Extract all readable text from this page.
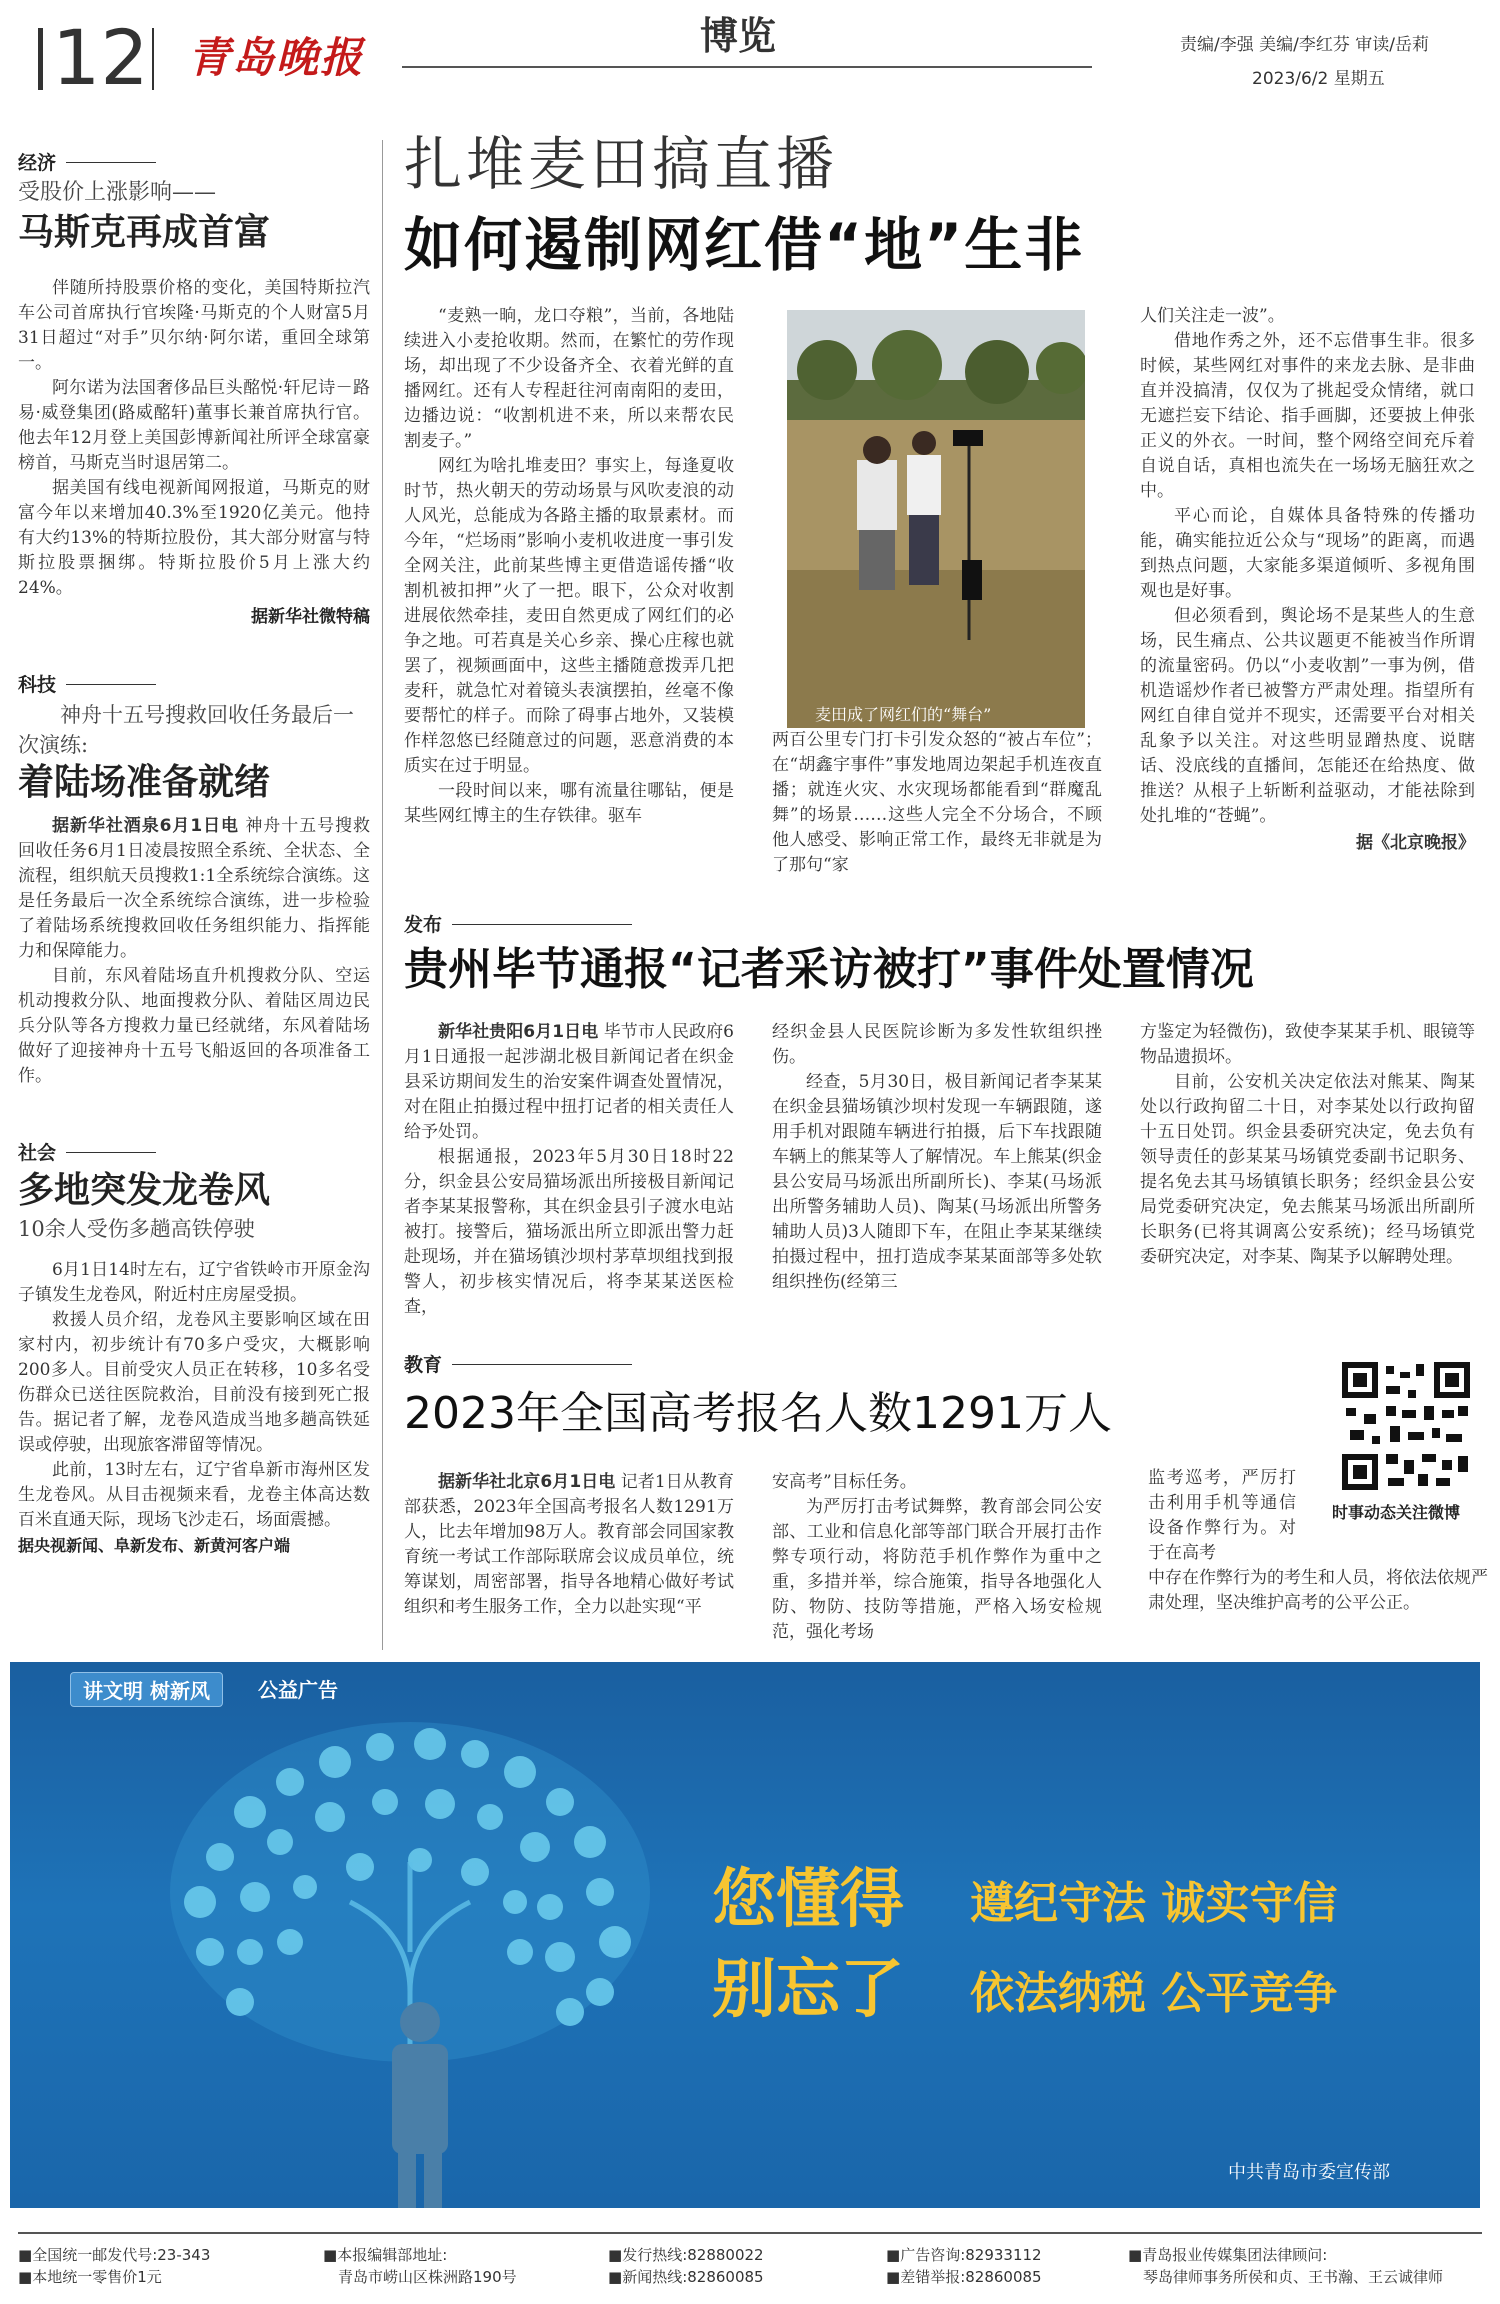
12 青岛晚报	博览	责编/李强 美编/李红芬 审读/岳莉
2023/6/2 星期五
经济
受股价上涨影响——
马斯克再成首富

伴随所持股票价格的变化，美国特斯拉汽车公司首席执行官埃隆·马斯克的个人财富5月31日超过“对手”贝尔纳·阿尔诺，重回全球第一。

阿尔诺为法国奢侈品巨头酩悦·轩尼诗－路易·威登集团(路威酩轩)董事长兼首席执行官。他去年12月登上美国彭博新闻社所评全球富豪榜首，马斯克当时退居第二。

据美国有线电视新闻网报道，马斯克的财富今年以来增加40.3%至1920亿美元。他持有大约13%的特斯拉股份，其大部分财富与特斯拉股票捆绑。特斯拉股价5月上涨大约24%。

据新华社微特稿
科技
神舟十五号搜救回收任务最后一次演练:
着陆场准备就绪

据新华社酒泉6月1日电 神舟十五号搜救回收任务6月1日凌晨按照全系统、全状态、全流程，组织航天员搜救1:1全系统综合演练。这是任务最后一次全系统综合演练，进一步检验了着陆场系统搜救回收任务组织能力、指挥能力和保障能力。

目前，东风着陆场直升机搜救分队、空运机动搜救分队、地面搜救分队、着陆区周边民兵分队等各方搜救力量已经就绪，东风着陆场做好了迎接神舟十五号飞船返回的各项准备工作。

社会
多地突发龙卷风
10余人受伤多趟高铁停驶

6月1日14时左右，辽宁省铁岭市开原金沟子镇发生龙卷风，附近村庄房屋受损。

救援人员介绍，龙卷风主要影响区域在田家村内，初步统计有70多户受灾，大概影响200多人。目前受灾人员正在转移，10多名受伤群众已送往医院救治，目前没有接到死亡报告。据记者了解，龙卷风造成当地多趟高铁延误或停驶，出现旅客滞留等情况。

此前，13时左右，辽宁省阜新市海州区发生龙卷风。从目击视频来看，龙卷主体高达数百米直通天际，现场飞沙走石，场面震撼。

据央视新闻、阜新发布、新黄河客户端
扎堆麦田搞直播
如何遏制网红借“地”生非

“麦熟一晌，龙口夺粮”，当前，各地陆续进入小麦抢收期。然而，在繁忙的劳作现场，却出现了不少设备齐全、衣着光鲜的直播网红。还有人专程赶往河南南阳的麦田，边播边说：“收割机进不来，所以来帮农民割麦子。”

网红为啥扎堆麦田？事实上，每逢夏收时节，热火朝天的劳动场景与风吹麦浪的动人风光，总能成为各路主播的取景素材。而今年，“烂场雨”影响小麦机收进度一事引发全网关注，此前某些博主更借造谣传播“收割机被扣押”火了一把。眼下，公众对收割进展依然牵挂，麦田自然更成了网红们的必争之地。可若真是关心乡亲、操心庄稼也就罢了，视频画面中，这些主播随意拨弄几把麦秆，就急忙对着镜头表演摆拍，丝毫不像要帮忙的样子。而除了碍事占地外，又装模作样忽悠已经随意过的问题，恶意消费的本质实在过于明显。

一段时间以来，哪有流量往哪钻，便是某些网红博主的生存铁律。驱车

麦田成了网红们的“舞台”

两百公里专门打卡引发众怒的“被占车位”；在“胡鑫宇事件”事发地周边架起手机连夜直播；就连火灾、水灾现场都能看到“群魔乱舞”的场景……这些人完全不分场合，不顾他人感受、影响正常工作，最终无非就是为了那句“家

人们关注走一波”。

借地作秀之外，还不忘借事生非。很多时候，某些网红对事件的来龙去脉、是非曲直并没搞清，仅仅为了挑起受众情绪，就口无遮拦妄下结论、指手画脚，还要披上伸张正义的外衣。一时间，整个网络空间充斥着自说自话，真相也流失在一场场无脑狂欢之中。

平心而论，自媒体具备特殊的传播功能，确实能拉近公众与“现场”的距离，而遇到热点问题，大家能多渠道倾听、多视角围观也是好事。

但必须看到，舆论场不是某些人的生意场，民生痛点、公共议题更不能被当作所谓的流量密码。仍以“小麦收割”一事为例，借机造谣炒作者已被警方严肃处理。指望所有网红自律自觉并不现实，还需要平台对相关乱象予以关注。对这些明显蹭热度、说瞎话、没底线的直播间，怎能还在给热度、做推送？从根子上斩断利益驱动，才能祛除到处扎堆的“苍蝇”。

据《北京晚报》
发布
贵州毕节通报“记者采访被打”事件处置情况

新华社贵阳6月1日电 毕节市人民政府6月1日通报一起涉湖北极目新闻记者在织金县采访期间发生的治安案件调查处置情况，对在阻止拍摄过程中扭打记者的相关责任人给予处罚。

根据通报，2023年5月30日18时22分，织金县公安局猫场派出所接极目新闻记者李某某报警称，其在织金县引子渡水电站被打。接警后，猫场派出所立即派出警力赶赴现场，并在猫场镇沙坝村茅草坝组找到报警人，初步核实情况后，将李某某送医检查，

经织金县人民医院诊断为多发性软组织挫伤。

经查，5月30日，极目新闻记者李某某在织金县猫场镇沙坝村发现一车辆跟随，遂用手机对跟随车辆进行拍摄，后下车找跟随车辆上的熊某等人了解情况。车上熊某(织金县公安局马场派出所副所长)、李某(马场派出所警务辅助人员)、陶某(马场派出所警务辅助人员)3人随即下车，在阻止李某某继续拍摄过程中，扭打造成李某某面部等多处软组织挫伤(经第三

方鉴定为轻微伤)，致使李某某手机、眼镜等物品遗损坏。

目前，公安机关决定依法对熊某、陶某处以行政拘留二十日，对李某处以行政拘留十五日处罚。织金县委研究决定，免去负有领导责任的彭某某马场镇党委副书记职务、提名免去其马场镇镇长职务；经织金县公安局党委研究决定，免去熊某马场派出所副所长职务(已将其调离公安系统)；经马场镇党委研究决定，对李某、陶某予以解聘处理。

教育
2023年全国高考报名人数1291万人

据新华社北京6月1日电 记者1日从教育部获悉，2023年全国高考报名人数1291万人，比去年增加98万人。教育部会同国家教育统一考试工作部际联席会议成员单位，统筹谋划，周密部署，指导各地精心做好考试组织和考生服务工作，全力以赴实现“平

安高考”目标任务。

为严厉打击考试舞弊，教育部会同公安部、工业和信息化部等部门联合开展打击作弊专项行动，将防范手机作弊作为重中之重，多措并举，综合施策，指导各地强化人防、物防、技防等措施，严格入场安检规范，强化考场

监考巡考，严厉打击利用手机等通信设备作弊行为。对于在高考

中存在作弊行为的考生和人员，将依法依规严肃处理，坚决维护高考的公平公正。

时事动态关注微博
讲文明 树新风	公益广告
您懂得 遵纪守法 诚实守信
别忘了 依法纳税 公平竞争
中共青岛市委宣传部
■全国统一邮发代号:23-343
■本地统一零售价1元
■本报编辑部地址:
青岛市崂山区株洲路190号
■发行热线:82880022
■新闻热线:82860085
■广告咨询:82933112
■差错举报:82860085
■青岛报业传媒集团法律顾问:
琴岛律师事务所侯和贞、王书瀚、王云诚律师
